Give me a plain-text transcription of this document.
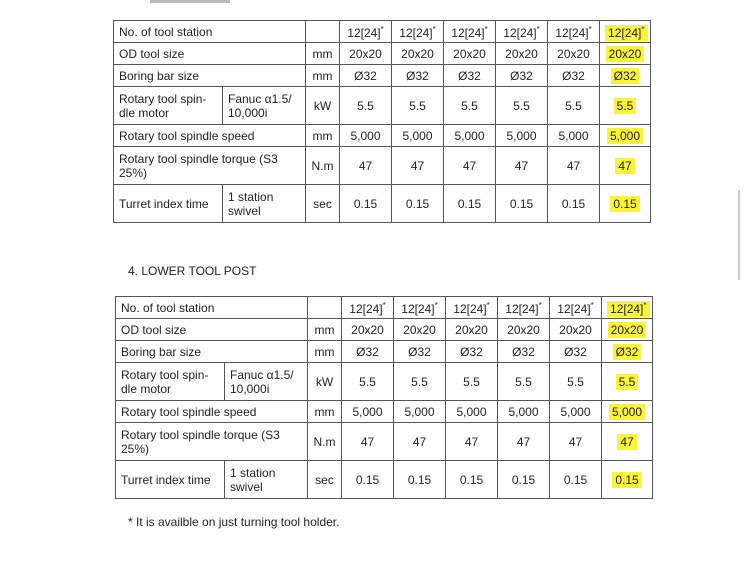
No. of tool station			12[24]*	12[24]*	12[24]*	12[24]*	12[24]*	12[24]*
OD tool size		mm	20x20	20x20	20x20	20x20	20x20	20x20
Boring bar size		mm	Ø32	Ø32	Ø32	Ø32	Ø32	Ø32
Rotary tool spin-dle motor	Fanuc α1.5/ 10,000i	kW	5.5	5.5	5.5	5.5	5.5	5.5
Rotary tool spindle speed		mm	5,000	5,000	5,000	5,000	5,000	5,000
Rotary tool spindle torque (S3 25%)		N.m	47	47	47	47	47	47
Turret index time	1 station swivel	sec	0.15	0.15	0.15	0.15	0.15	0.15

4. LOWER TOOL POST

No. of tool station			12[24]*	12[24]*	12[24]*	12[24]*	12[24]*	12[24]*
OD tool size		mm	20x20	20x20	20x20	20x20	20x20	20x20
Boring bar size		mm	Ø32	Ø32	Ø32	Ø32	Ø32	Ø32
Rotary tool spin-dle motor	Fanuc α1.5/ 10,000i	kW	5.5	5.5	5.5	5.5	5.5	5.5
Rotary tool spindle speed		mm	5,000	5,000	5,000	5,000	5,000	5,000
Rotary tool spindle torque (S3 25%)		N.m	47	47	47	47	47	47
Turret index time	1 station swivel	sec	0.15	0.15	0.15	0.15	0.15	0.15

* It is availble on just turning tool holder.
